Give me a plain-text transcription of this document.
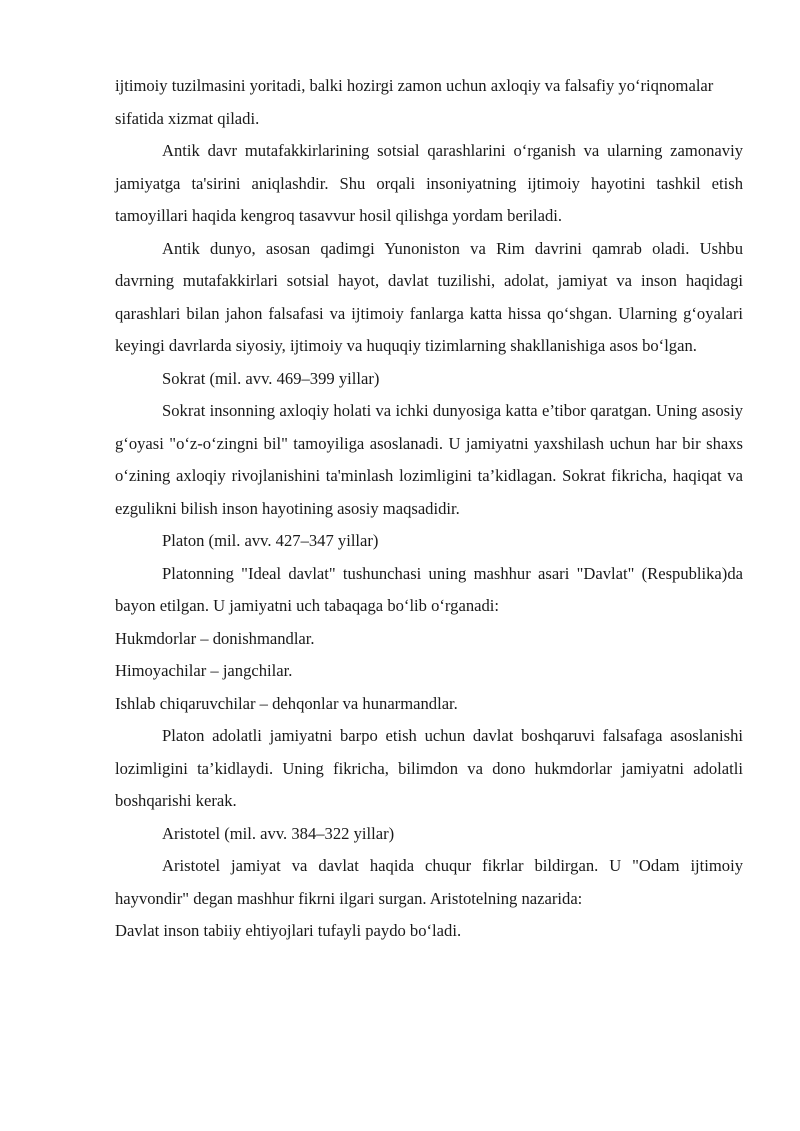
ijtimoiy tuzilmasini yoritadi, balki hozirgi zamon uchun axloqiy va falsafiy yo‘riqnomalar sifatida xizmat qiladi.

Antik davr mutafakkirlarining sotsial qarashlarini o‘rganish va ularning zamonaviy jamiyatga ta'sirini aniqlashdir. Shu orqali insoniyatning ijtimoiy hayotini tashkil etish tamoyillari haqida kengroq tasavvur hosil qilishga yordam beriladi.

Antik dunyo, asosan qadimgi Yunoniston va Rim davrini qamrab oladi. Ushbu davrning mutafakkirlari sotsial hayot, davlat tuzilishi, adolat, jamiyat va inson haqidagi qarashlari bilan jahon falsafasi va ijtimoiy fanlarga katta hissa qo‘shgan. Ularning g‘oyalari keyingi davrlarda siyosiy, ijtimoiy va huquqiy tizimlarning shakllanishiga asos bo‘lgan.

Sokrat (mil. avv. 469–399 yillar)

Sokrat insonning axloqiy holati va ichki dunyosiga katta e’tibor qaratgan. Uning asosiy g‘oyasi "o‘z-o‘zingni bil" tamoyiliga asoslanadi. U jamiyatni yaxshilash uchun har bir shaxs o‘zining axloqiy rivojlanishini ta'minlash lozimligini ta’kidlagan. Sokrat fikricha, haqiqat va ezgulikni bilish inson hayotining asosiy maqsadidir.

Platon (mil. avv. 427–347 yillar)

Platonning "Ideal davlat" tushunchasi uning mashhur asari "Davlat" (Respublika)da bayon etilgan. U jamiyatni uch tabaqaga bo‘lib o‘rganadi:

Hukmdorlar – donishmandlar.

Himoyachilar – jangchilar.

Ishlab chiqaruvchilar – dehqonlar va hunarmandlar.

Platon adolatli jamiyatni barpo etish uchun davlat boshqaruvi falsafaga asoslanishi lozimligini ta’kidlaydi. Uning fikricha, bilimdon va dono hukmdorlar jamiyatni adolatli boshqarishi kerak.

Aristotel (mil. avv. 384–322 yillar)

Aristotel jamiyat va davlat haqida chuqur fikrlar bildirgan. U "Odam ijtimoiy hayvondir" degan mashhur fikrni ilgari surgan. Aristotelning nazarida:

Davlat inson tabiiy ehtiyojlari tufayli paydo bo‘ladi.
